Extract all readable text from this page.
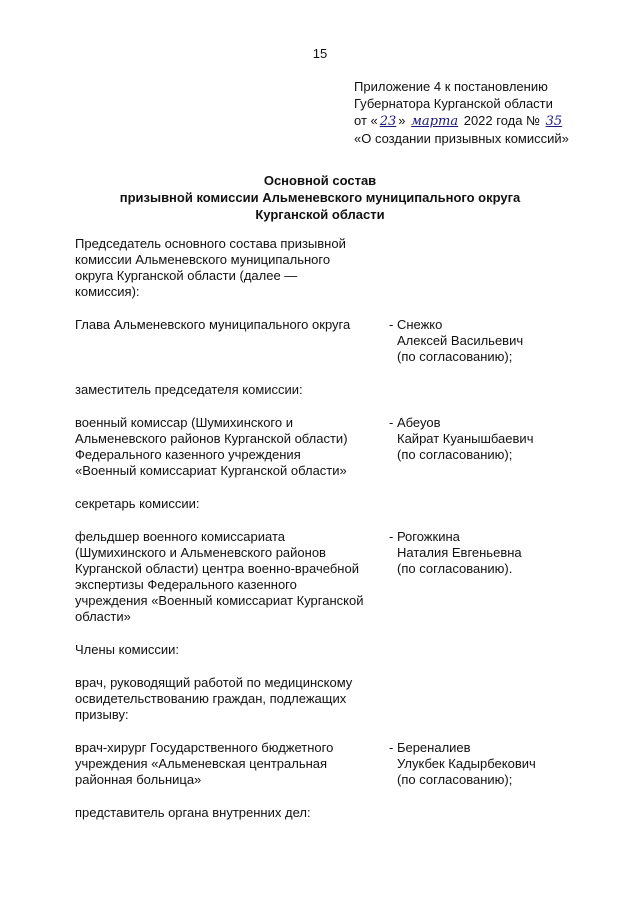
15
Приложение 4 к постановлению
Губернатора Курганской области
от « 23 » марта 2022 года № 35
«О создании призывных комиссий»
Основной состав
призывной комиссии Альменевского муниципального округа
Курганской области
Председатель основного состава призывной
комиссии Альменевского муниципального
округа Курганской области (далее —
комиссия):
Глава Альменевского муниципального округа	- Снежко
Алексей Васильевич
(по согласованию);
заместитель председателя комиссии:
военный комиссар (Шумихинского и
Альменевского районов Курганской области)
Федерального казенного учреждения
«Военный комиссариат Курганской области»
- Абеуов
Кайрат Куанышбаевич
(по согласованию);
секретарь комиссии:
фельдшер военного комиссариата
(Шумихинского и Альменевского районов
Курганской области) центра военно-врачебной
экспертизы Федерального казенного
учреждения «Военный комиссариат Курганской
области»
- Рогожкина
Наталия Евгеньевна
(по согласованию).
Члены комиссии:
врач, руководящий работой по медицинскому
освидетельствованию граждан, подлежащих
призыву:
врач-хирург Государственного бюджетного
учреждения «Альменевская центральная
районная больница»
- Береналиев
Улукбек Кадырбекович
(по согласованию);
представитель органа внутренних дел:
